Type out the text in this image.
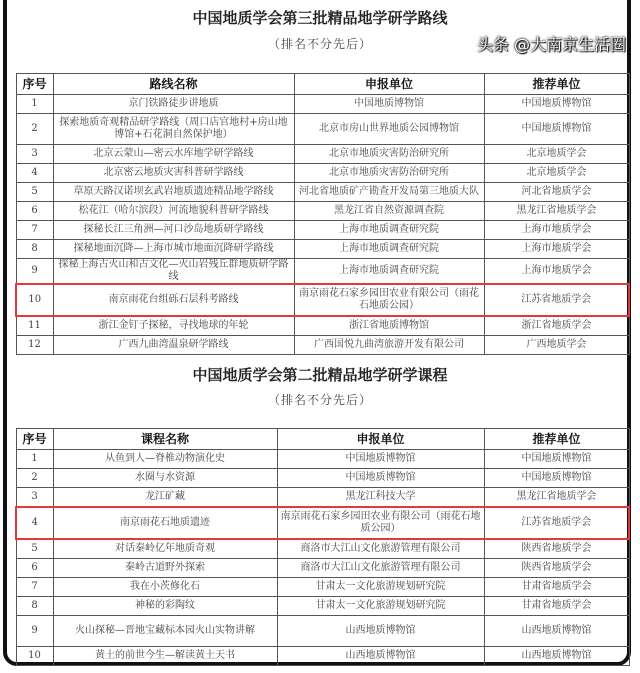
中国地质学会第三批精品地学研学路线
（排名不分先后）
序号	路线名称	申报单位	推荐单位
1	京门铁路徒步讲地质	中国地质博物馆	中国地质博物馆
2	探索地质奇观精品研学路线（周口店官地村+房山地博馆+石花洞自然保护地）	北京市房山世界地质公园博物馆	中国地质博物馆
3	北京云蒙山—密云水库地学研学路线	北京市地质灾害防治研究所	北京地质学会
4	北京密云地质灾害科普研学路线	北京市地质灾害防治研究所	北京地质学会
5	草原天路汉诺坝玄武岩地质遗迹精品地学路线	河北省地质矿产勘查开发局第三地质大队	河北省地质学会
6	松花江（哈尔滨段）河流地貌科普研学路线	黑龙江省自然资源调查院	黑龙江省地质学会
7	探秘长江三角洲—河口沙岛地质研学路线	上海市地质调查研究院	上海市地质学会
8	探秘地面沉降—上海市城市地面沉降研学路线	上海市地质调查研究院	上海市地质学会
9	探秘上海古火山和古文化—火山岩残丘群地质研学路线	上海市地质调查研究院	上海市地质学会
10	南京雨花台组砾石层科考路线	南京雨花石家乡园田农业有限公司（雨花石地质公园）	江苏省地质学会
11	浙江金钉子探秘，寻找地球的年轮	浙江省地质博物馆	浙江省地质学会
12	广西九曲湾温泉研学路线	广西国悦九曲湾旅游开发有限公司	广西地质学会
中国地质学会第二批精品地学研学课程
（排名不分先后）
序号	课程名称	申报单位	推荐单位
1	从鱼到人—脊椎动物演化史	中国地质博物馆	中国地质博物馆
2	水圈与水资源	中国地质博物馆	中国地质博物馆
3	龙江矿藏	黑龙江科技大学	黑龙江省地质学会
4	南京雨花石地质遗迹	南京雨花石家乡园田农业有限公司（雨花石地质公园）	江苏省地质学会
5	对话秦岭亿年地质奇观	商洛市大江山文化旅游管理有限公司	陕西省地质学会
6	秦岭古道野外探索	商洛市大江山文化旅游管理有限公司	陕西省地质学会
7	我在小茨修化石	甘肃太一文化旅游规划研究院	甘肃省地质学会
8	神秘的彩陶纹	甘肃太一文化旅游规划研究院	甘肃省地质学会
9	火山探秘—晋地宝藏标本园火山实物讲解	山西地质博物馆	山西地质博物馆
10	黄土的前世今生—解读黄土天书	山西地质博物馆	山西地质博物馆
头条 @大南京生活圈
